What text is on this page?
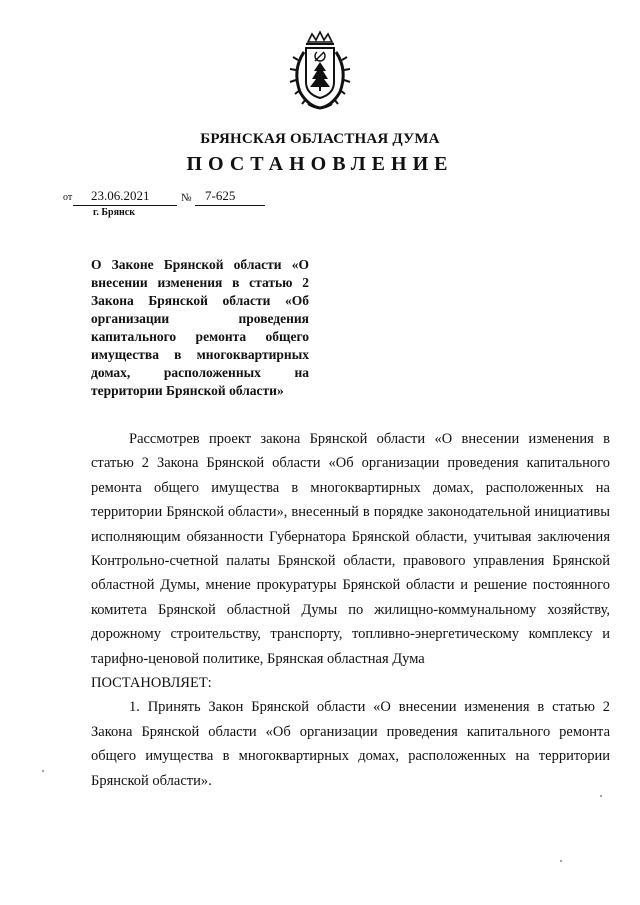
БРЯНСКАЯ ОБЛАСТНАЯ ДУМА
ПОСТАНОВЛЕНИЕ
от 23.06.2021	№ 7-625
г. Брянск
О Законе Брянской области «О внесении изменения в статью 2 Закона Брянской области «Об организации проведения капитального ремонта общего имущества в многоквартирных домах, расположенных на территории Брянской области»

Рассмотрев проект закона Брянской области «О внесении изменения в статью 2 Закона Брянской области «Об организации проведения капитального ремонта общего имущества в многоквартирных домах, расположенных на территории Брянской области», внесенный в порядке законодательной инициативы исполняющим обязанности Губернатора Брянской области, учитывая заключения Контрольно-счетной палаты Брянской области, правового управления Брянской областной Думы, мнение прокуратуры Брянской области и решение постоянного комитета Брянской областной Думы по жилищно-коммунальному хозяйству, дорожному строительству, транспорту, топливно-энергетическому комплексу и тарифно-ценовой политике, Брянская областная Дума

ПОСТАНОВЛЯЕТ:

1. Принять Закон Брянской области «О внесении изменения в статью 2 Закона Брянской области «Об организации проведения капитального ремонта общего имущества в многоквартирных домах, расположенных на территории Брянской области».
